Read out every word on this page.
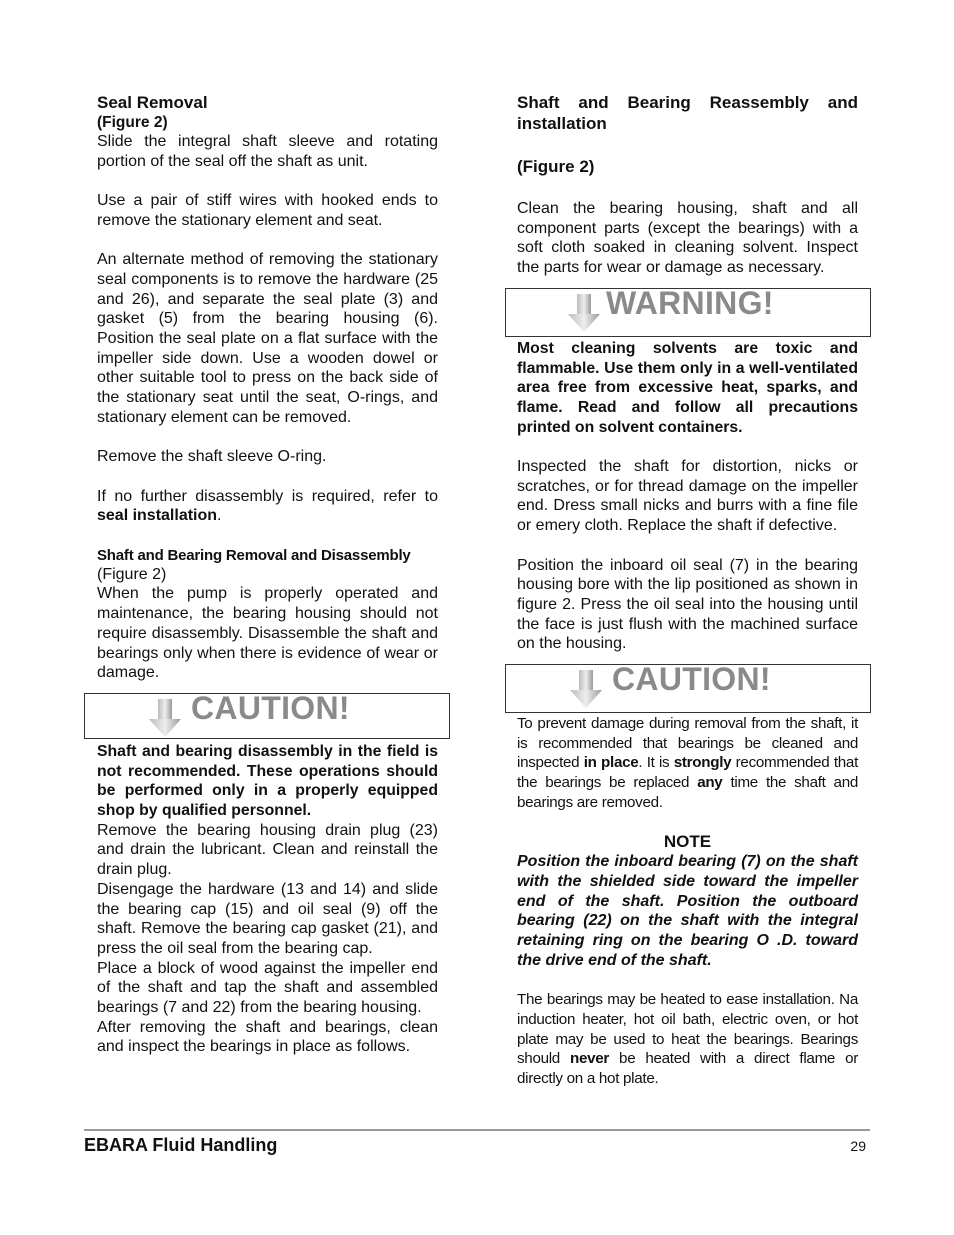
Seal Removal
(Figure 2)

Slide the integral shaft sleeve and rotating portion of the seal off the shaft as unit.

Use a pair of stiff wires with hooked ends to remove the stationary element and seat.

An alternate method of removing the stationary seal components is to remove the hardware (25 and 26), and separate the seal plate (3) and gasket (5) from the bearing housing (6). Position the seal plate on a flat surface with the impeller side down. Use a wooden dowel or other suitable tool to press on the back side of the stationary seat until the seat, O-rings, and stationary element can be removed.

Remove the shaft sleeve O-ring.

If no further disassembly is required, refer to seal installation.

Shaft and Bearing Removal and Disassembly

(Figure 2)

When the pump is properly operated and maintenance, the bearing housing should not require disassembly. Disassemble the shaft and bearings only when there is evidence of wear or damage.

CAUTION!

Shaft and bearing disassembly in the field is not recommended. These operations should be performed only in a properly equipped shop by qualified personnel.

Remove the bearing housing drain plug (23) and drain the lubricant. Clean and reinstall the drain plug.

Disengage the hardware (13 and 14) and slide the bearing cap (15) and oil seal (9) off the shaft. Remove the bearing cap gasket (21), and press the oil seal from the bearing cap.

Place a block of wood against the impeller end of the shaft and tap the shaft and assembled bearings (7 and 22) from the bearing housing.

After removing the shaft and bearings, clean and inspect the bearings in place as follows.

Shaft and Bearing Reassembly and installation
(Figure 2)

Clean the bearing housing, shaft and all component parts (except the bearings) with a soft cloth soaked in cleaning solvent. Inspect the parts for wear or damage as necessary.

WARNING!

Most cleaning solvents are toxic and flammable. Use them only in a well-ventilated area free from excessive heat, sparks, and flame. Read and follow all precautions printed on solvent containers.

Inspected the shaft for distortion, nicks or scratches, or for thread damage on the impeller end. Dress small nicks and burrs with a fine file or emery cloth. Replace the shaft if defective.

Position the inboard oil seal (7) in the bearing housing bore with the lip positioned as shown in figure 2. Press the oil seal into the housing until the face is just flush with the machined surface on the housing.

CAUTION!

To prevent damage during removal from the shaft, it is recommended that bearings be cleaned and inspected in place. It is strongly recommended that the bearings be replaced any time the shaft and bearings are removed.

NOTE

Position the inboard bearing (7) on the shaft with the shielded side toward the impeller end of the shaft. Position the outboard bearing (22) on the shaft with the integral retaining ring on the bearing O .D. toward the drive end of the shaft.

The bearings may be heated to ease installation. Na induction heater, hot oil bath, electric oven, or hot plate may be used to heat the bearings. Bearings should never be heated with a direct flame or directly on a hot plate.

EBARA Fluid Handling	29
